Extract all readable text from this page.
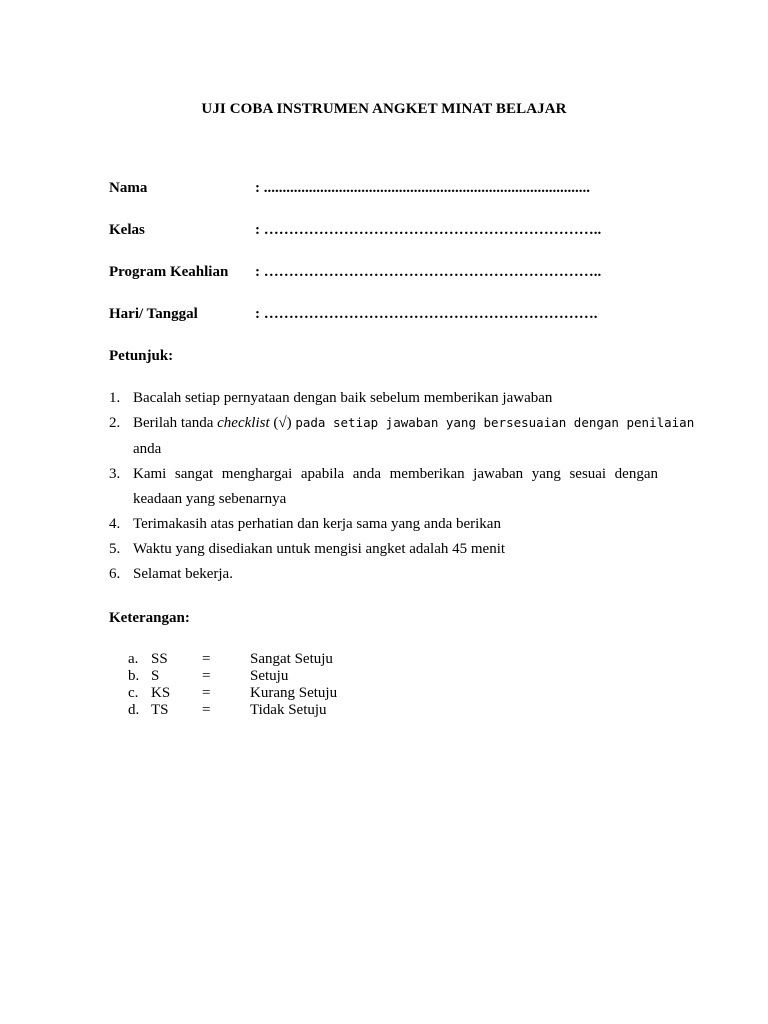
UJI COBA INSTRUMEN ANGKET MINAT BELAJAR
Nama	: .......................................................................................
Kelas	: …………………………………………………………..
Program Keahlian : …………………………………………………………..
Hari/ Tanggal	: ………………………………………………………….
Petunjuk:
1. Bacalah setiap pernyataan dengan baik sebelum memberikan jawaban
2. Berilah tanda checklist (√) pada setiap jawaban yang bersesuaian dengan penilaian
anda
3. Kami sangat menghargai apabila anda memberikan jawaban yang sesuai dengan
keadaan yang sebenarnya
4. Terimakasih atas perhatian dan kerja sama yang anda berikan
5. Waktu yang disediakan untuk mengisi angket adalah 45 menit
6. Selamat bekerja.
Keterangan:
a. SS =	Sangat Setuju
b. S	=	Setuju
c. KS =	Kurang Setuju
d. TS =	Tidak Setuju
